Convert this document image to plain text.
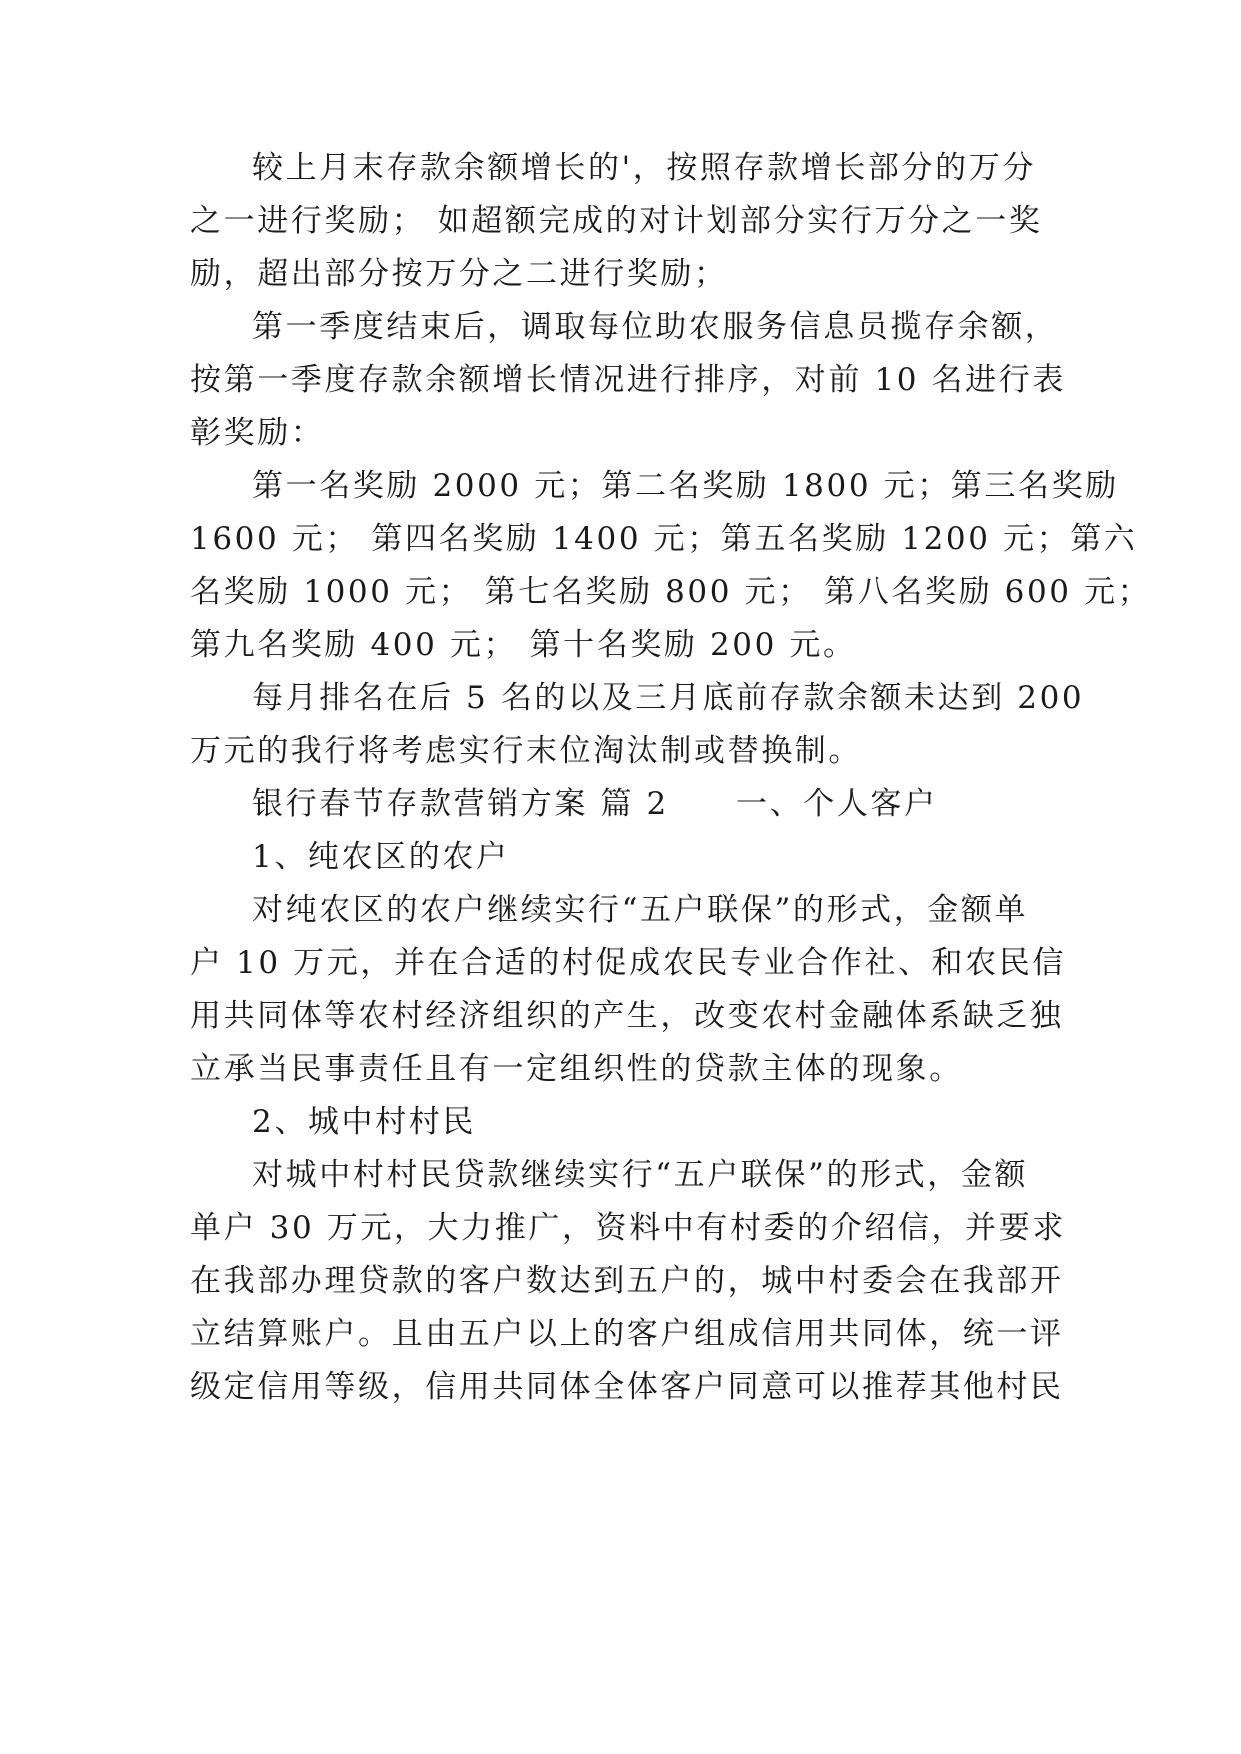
较上月末存款余额增长的'，按照存款增长部分的万分
之一进行奖励； 如超额完成的对计划部分实行万分之一奖
励，超出部分按万分之二进行奖励；
第一季度结束后，调取每位助农服务信息员揽存余额，
按第一季度存款余额增长情况进行排序，对前 10 名进行表
彰奖励：
第一名奖励 2000 元；第二名奖励 1800 元；第三名奖励
1600 元； 第四名奖励 1400 元；第五名奖励 1200 元；第六
名奖励 1000 元； 第七名奖励 800 元； 第八名奖励 600 元；
第九名奖励 400 元； 第十名奖励 200 元。
每月排名在后 5 名的以及三月底前存款余额未达到 200
万元的我行将考虑实行末位淘汰制或替换制。
银行春节存款营销方案 篇 2　　一、个人客户
1、纯农区的农户
对纯农区的农户继续实行“五户联保”的形式，金额单
户 10 万元，并在合适的村促成农民专业合作社、和农民信
用共同体等农村经济组织的产生，改变农村金融体系缺乏独
立承当民事责任且有一定组织性的贷款主体的现象。
2、城中村村民
对城中村村民贷款继续实行“五户联保”的形式，金额
单户 30 万元，大力推广，资料中有村委的介绍信，并要求
在我部办理贷款的客户数达到五户的，城中村委会在我部开
立结算账户。且由五户以上的客户组成信用共同体，统一评
级定信用等级，信用共同体全体客户同意可以推荐其他村民
